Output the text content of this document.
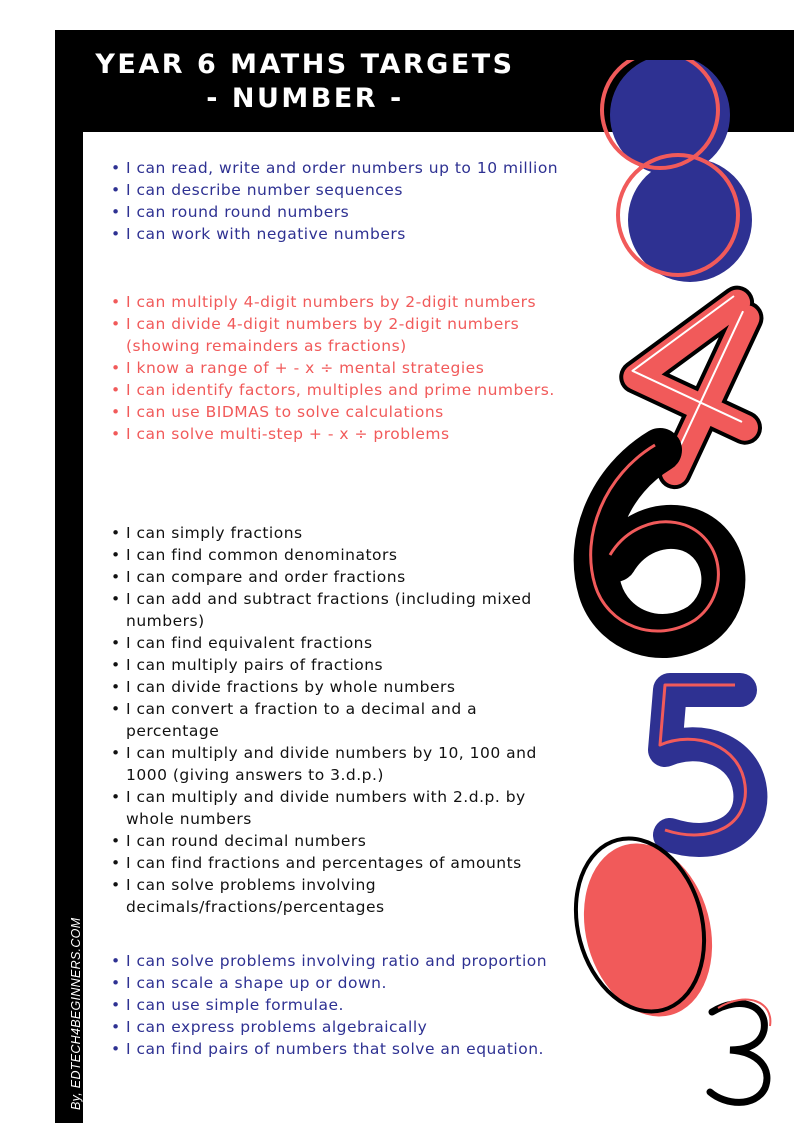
YEAR 6 MATHS TARGETS
- NUMBER -
By, EDTECH4BEGINNERS.COM
• I can read, write and order numbers up to 10 million
• I can describe number sequences
• I can round round numbers
• I can work with negative numbers
• I can multiply 4-digit numbers by 2-digit numbers
• I can divide 4-digit numbers by 2-digit numbers (showing remainders as fractions)
• I know a range of + - x ÷ mental strategies
• I can identify factors, multiples and prime numbers.
• I can use BIDMAS to solve calculations
• I can solve multi-step + - x ÷ problems
• I can simply fractions
• I can find common denominators
• I can compare and order fractions
• I can add and subtract fractions (including mixed numbers)
• I can find equivalent fractions
• I can multiply pairs of fractions
• I can divide fractions by whole numbers
• I can convert a fraction to a decimal and a percentage
• I can multiply and divide numbers by 10, 100 and 1000 (giving answers to 3.d.p.)
• I can multiply and divide numbers with 2.d.p. by whole numbers
• I can round decimal numbers
• I can find fractions and percentages of amounts
• I can solve problems involving decimals/fractions/percentages
• I can solve problems involving ratio and proportion
• I can scale a shape up or down.
• I can use simple formulae.
• I can express problems algebraically
• I can find pairs of numbers that solve an equation.
